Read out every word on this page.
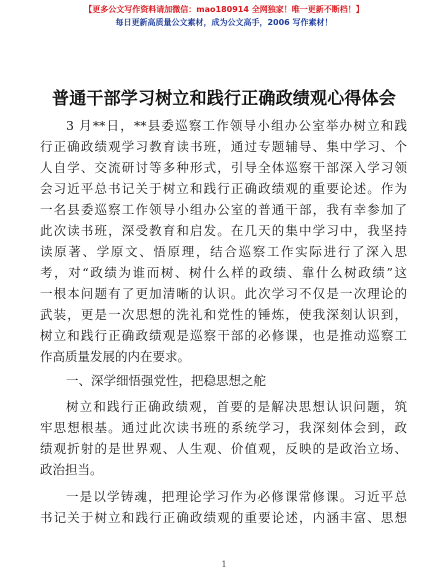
【更多公文写作资料请加微信：mao180914 全网独家！唯一更新不断档！】
每日更新高质量公文素材，成为公文高手，2006 写作素材！
普通干部学习树立和践行正确政绩观心得体会
3 月**日，**县委巡察工作领导小组办公室举办树立和践
行正确政绩观学习教育读书班，通过专题辅导、集中学习、个
人自学、交流研讨等多种形式，引导全体巡察干部深入学习领
会习近平总书记关于树立和践行正确政绩观的重要论述。作为
一名县委巡察工作领导小组办公室的普通干部，我有幸参加了
此次读书班，深受教育和启发。在几天的集中学习中，我坚持
读原著、学原文、悟原理，结合巡察工作实际进行了深入思
考，对“政绩为谁而树、树什么样的政绩、靠什么树政绩”这
一根本问题有了更加清晰的认识。此次学习不仅是一次理论的
武装，更是一次思想的洗礼和党性的锤炼，使我深刻认识到，
树立和践行正确政绩观是巡察干部的必修课，也是推动巡察工
作高质量发展的内在要求。
一、深学细悟强党性，把稳思想之舵
树立和践行正确政绩观，首要的是解决思想认识问题，筑
牢思想根基。通过此次读书班的系统学习，我深刻体会到，政
绩观折射的是世界观、人生观、价值观，反映的是政治立场、
政治担当。
一是以学铸魂，把理论学习作为必修课常修课。习近平总
书记关于树立和践行正确政绩观的重要论述，内涵丰富、思想
1
